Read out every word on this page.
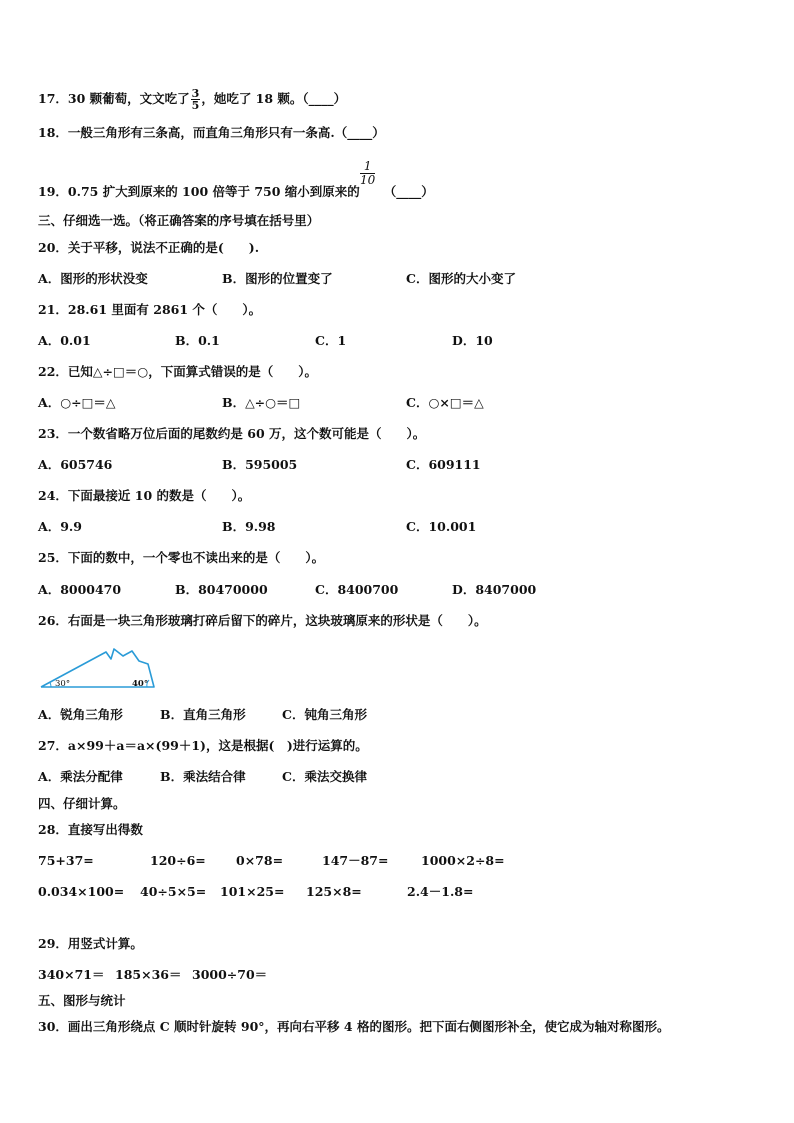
17．30 颗葡萄，文文吃了 $\frac{3}{5}$ ，她吃了 18 颗。（____）
18．一般三角形有三条高，而直角三角形只有一条高.（____）
$\frac{1}{10}$
19．0.75 扩大到原来的 100 倍等于 750 缩小到原来的 （____）
三、仔细选一选。（将正确答案的序号填在括号里）
20．关于平移，说法不正确的是(　　).
A．图形的形状没变	B．图形的位置变了	C．图形的大小变了
21．28.61 里面有 2861 个（　　）。
A．0.01	B．0.1	C．1	D．10
22．已知△÷□＝○，下面算式错误的是（　　）。
A．○÷□＝△	B．△÷○＝□	C．○×□＝△
23．一个数省略万位后面的尾数约是 60 万，这个数可能是（　　）。
A．605746	B．595005	C．609111
24．下面最接近 10 的数是（　　）。
A．9.9	B．9.98	C．10.001
25．下面的数中，一个零也不读出来的是（　　）。
A．8000470	B．80470000	C．8400700	D．8407000
26．右面是一块三角形玻璃打碎后留下的碎片，这块玻璃原来的形状是（　　）。
30°	40°
A．锐角三角形	B．直角三角形	C．钝角三角形
27．a×99＋a＝a×(99＋1)，这是根据(　)进行运算的。
A．乘法分配律	B．乘法结合律	C．乘法交换律
四、仔细计算。
28．直接写出得数
75+37=	120÷6= 0×78=	147－87=	1000×2÷8=
0.034×100= 40÷5×5= 101×25= 125×8=	2.4－1.8=
29．用竖式计算。
340×71＝ 185×36＝ 3000÷70＝
五、图形与统计
30．画出三角形绕点 C 顺时针旋转 90°，再向右平移 4 格的图形。把下面右侧图形补全，使它成为轴对称图形。
